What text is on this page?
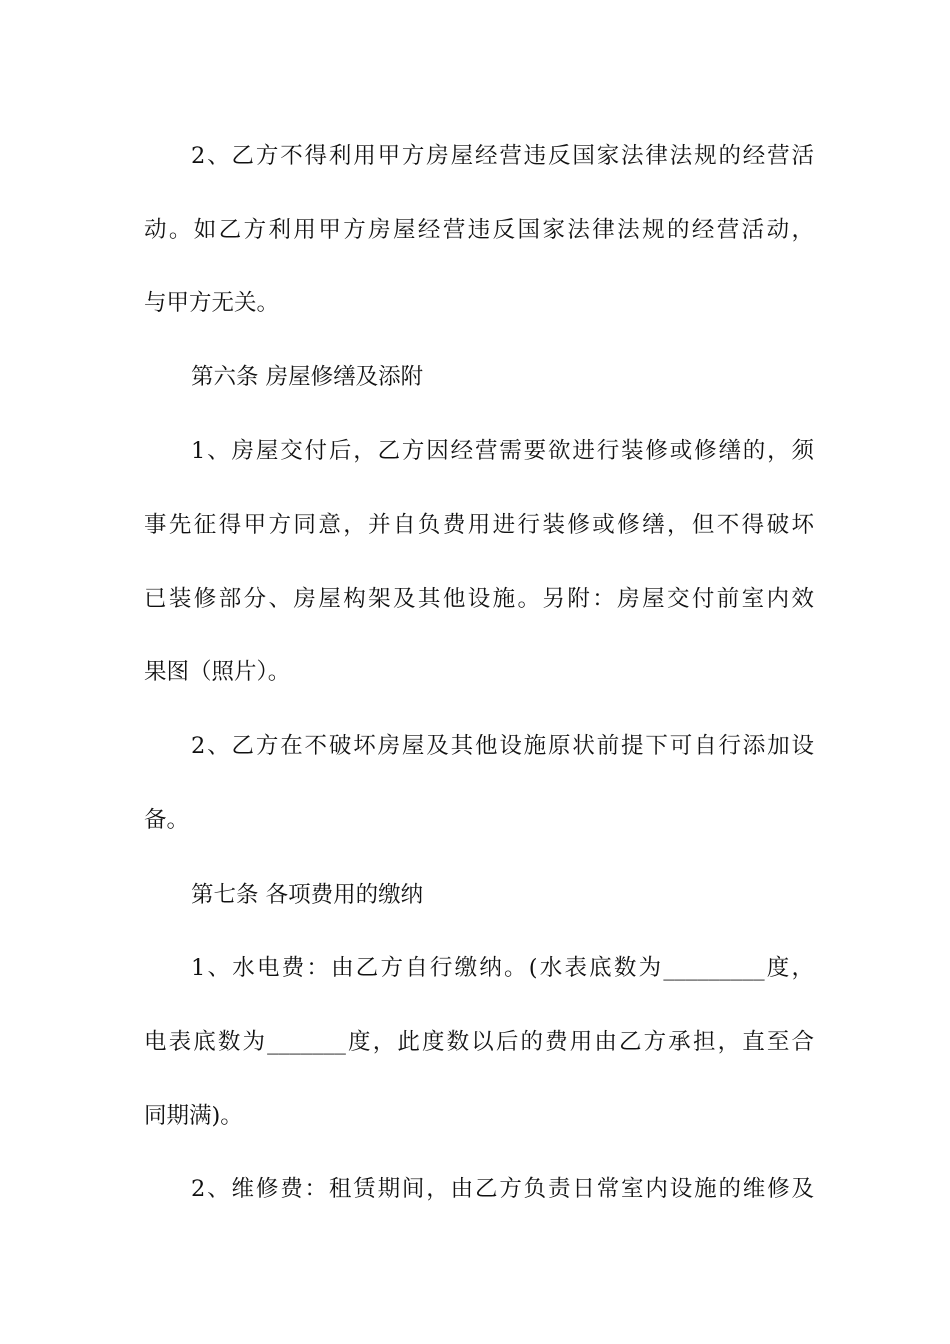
2、乙方不得利用甲方房屋经营违反国家法律法规的经营活
动。如乙方利用甲方房屋经营违反国家法律法规的经营活动，
与甲方无关。
第六条 房屋修缮及添附
1、房屋交付后，乙方因经营需要欲进行装修或修缮的，须
事先征得甲方同意，并自负费用进行装修或修缮，但不得破坏
已装修部分、房屋构架及其他设施。另附：房屋交付前室内效
果图（照片）。
2、乙方在不破坏房屋及其他设施原状前提下可自行添加设
备。
第七条 各项费用的缴纳
1、水电费：由乙方自行缴纳。(水表底数为_________度，
电表底数为_______度，此度数以后的费用由乙方承担，直至合
同期满)。
2、维修费：租赁期间，由乙方负责日常室内设施的维修及
